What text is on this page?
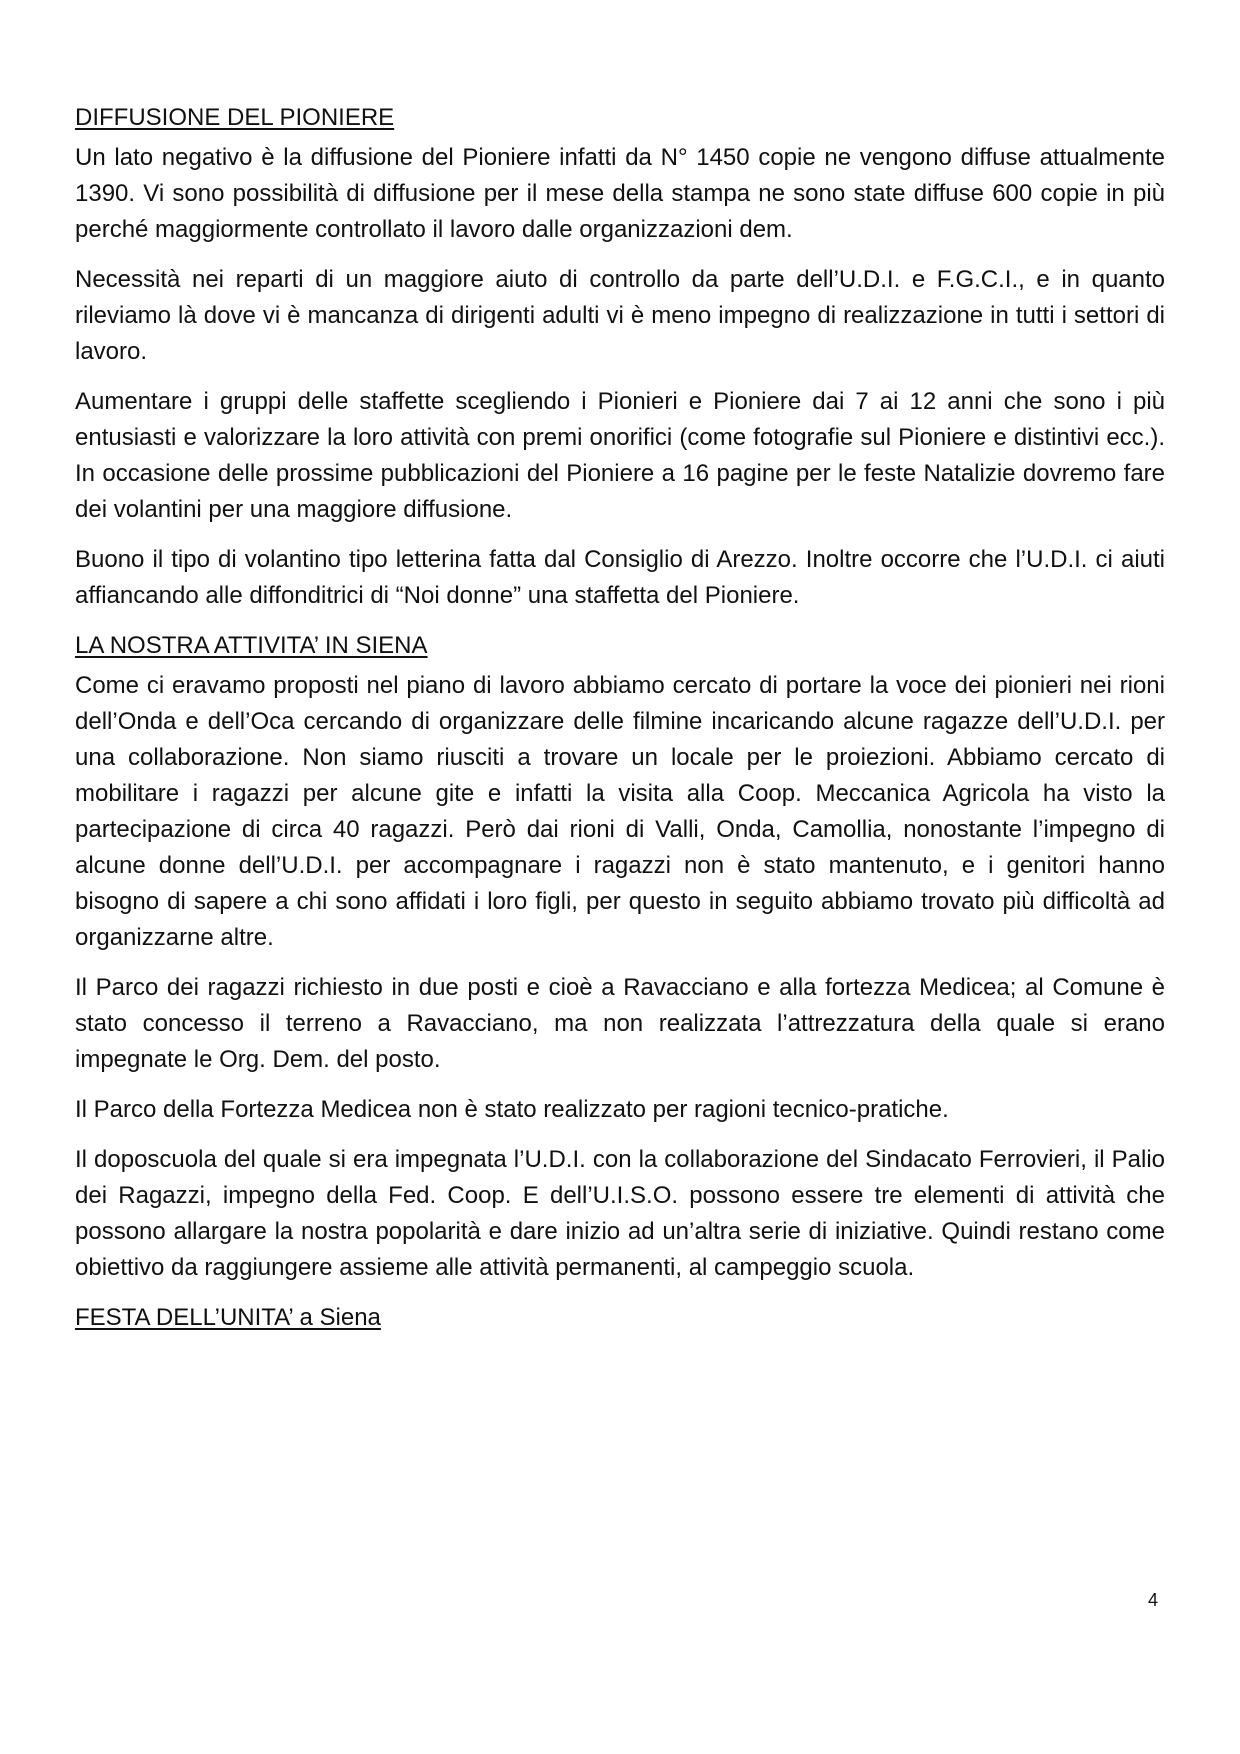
DIFFUSIONE DEL PIONIERE

Un lato negativo è la diffusione del Pioniere infatti da N° 1450 copie ne vengono diffuse attualmente 1390. Vi sono possibilità di diffusione per il mese della stampa ne sono state diffuse 600 copie in più perché maggiormente controllato il lavoro dalle organizzazioni dem.

Necessità nei reparti di un maggiore aiuto di controllo da parte dell’U.D.I. e F.G.C.I., e in quanto rileviamo là dove vi è mancanza di dirigenti adulti vi è meno impegno di realizzazione in tutti i settori di lavoro.

Aumentare i gruppi delle staffette scegliendo i Pionieri e Pioniere dai 7 ai 12 anni che sono i più entusiasti e valorizzare la loro attività con premi onorifici (come fotografie sul Pioniere e distintivi ecc.). In occasione delle prossime pubblicazioni del Pioniere a 16 pagine per le feste Natalizie dovremo fare dei volantini per una maggiore diffusione.

Buono il tipo di volantino tipo letterina fatta dal Consiglio di Arezzo. Inoltre occorre che l’U.D.I. ci aiuti affiancando alle diffonditrici di “Noi donne” una staffetta del Pioniere.

LA NOSTRA ATTIVITA’ IN SIENA

Come ci eravamo proposti nel piano di lavoro abbiamo cercato di portare la voce dei pionieri nei rioni dell’Onda e dell’Oca cercando di organizzare delle filmine incaricando alcune ragazze dell’U.D.I. per una collaborazione. Non siamo riusciti a trovare un locale per le proiezioni. Abbiamo cercato di mobilitare i ragazzi per alcune gite e infatti la visita alla Coop. Meccanica Agricola ha visto la partecipazione di circa 40 ragazzi. Però dai rioni di Valli, Onda, Camollia, nonostante l’impegno di alcune donne dell’U.D.I. per accompagnare i ragazzi non è stato mantenuto, e i genitori hanno bisogno di sapere a chi sono affidati i loro figli, per questo in seguito abbiamo trovato più difficoltà ad organizzarne altre.

Il Parco dei ragazzi richiesto in due posti e cioè a Ravacciano e alla fortezza Medicea; al Comune è stato concesso il terreno a Ravacciano, ma non realizzata l’attrezzatura della quale si erano impegnate le Org. Dem. del posto.

Il Parco della Fortezza Medicea non è stato realizzato per ragioni tecnico-pratiche.

Il doposcuola del quale si era impegnata l’U.D.I. con la collaborazione del Sindacato Ferrovieri, il Palio dei Ragazzi, impegno della Fed. Coop. E dell’U.I.S.O. possono essere tre elementi di attività che possono allargare la nostra popolarità e dare inizio ad un’altra serie di iniziative. Quindi restano come obiettivo da raggiungere assieme alle attività permanenti, al campeggio scuola.

FESTA DELL’UNITA’ a Siena
4
